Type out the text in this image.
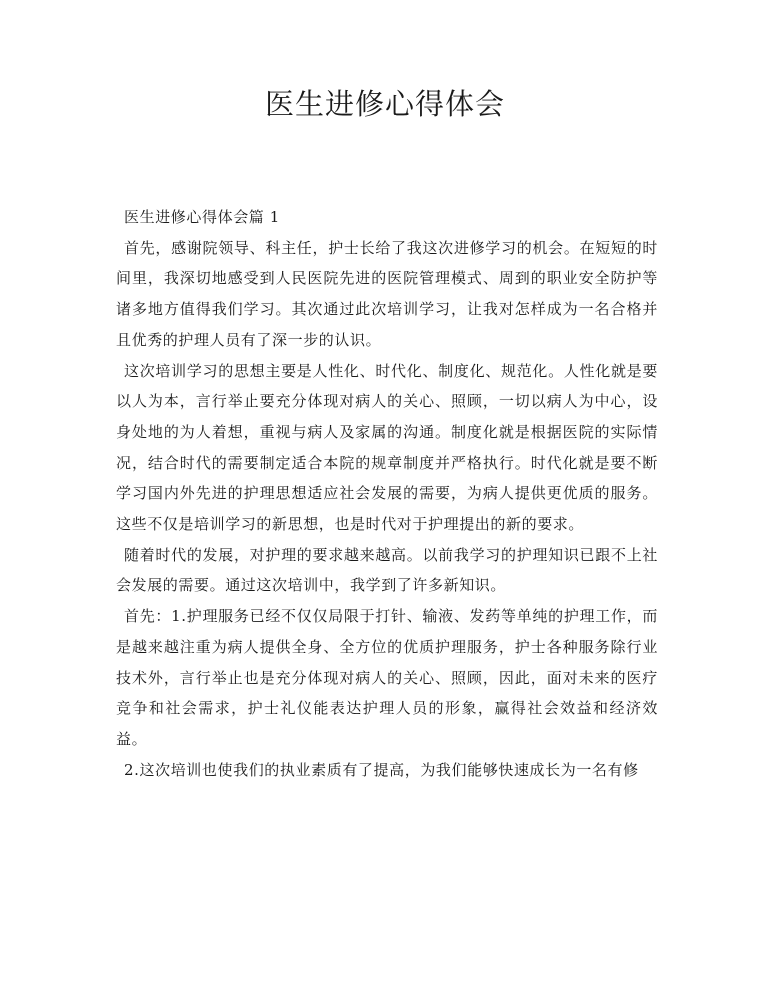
医生进修心得体会

医生进修心得体会篇 1

首先，感谢院领导、科主任，护士长给了我这次进修学习的机会。在短短的时间里，我深切地感受到人民医院先进的医院管理模式、周到的职业安全防护等诸多地方值得我们学习。其次通过此次培训学习，让我对怎样成为一名合格并且优秀的护理人员有了深一步的认识。

这次培训学习的思想主要是人性化、时代化、制度化、规范化。人性化就是要以人为本，言行举止要充分体现对病人的关心、照顾，一切以病人为中心，设身处地的为人着想，重视与病人及家属的沟通。制度化就是根据医院的实际情况，结合时代的需要制定适合本院的规章制度并严格执行。时代化就是要不断学习国内外先进的护理思想适应社会发展的需要，为病人提供更优质的服务。这些不仅是培训学习的新思想，也是时代对于护理提出的新的要求。

随着时代的发展，对护理的要求越来越高。以前我学习的护理知识已跟不上社会发展的需要。通过这次培训中，我学到了许多新知识。

首先：1.护理服务已经不仅仅局限于打针、输液、发药等单纯的护理工作，而是越来越注重为病人提供全身、全方位的优质护理服务，护士各种服务除行业技术外，言行举止也是充分体现对病人的关心、照顾，因此，面对未来的医疗竞争和社会需求，护士礼仪能表达护理人员的形象，赢得社会效益和经济效益。

2.这次培训也使我们的执业素质有了提高，为我们能够快速成长为一名有修
